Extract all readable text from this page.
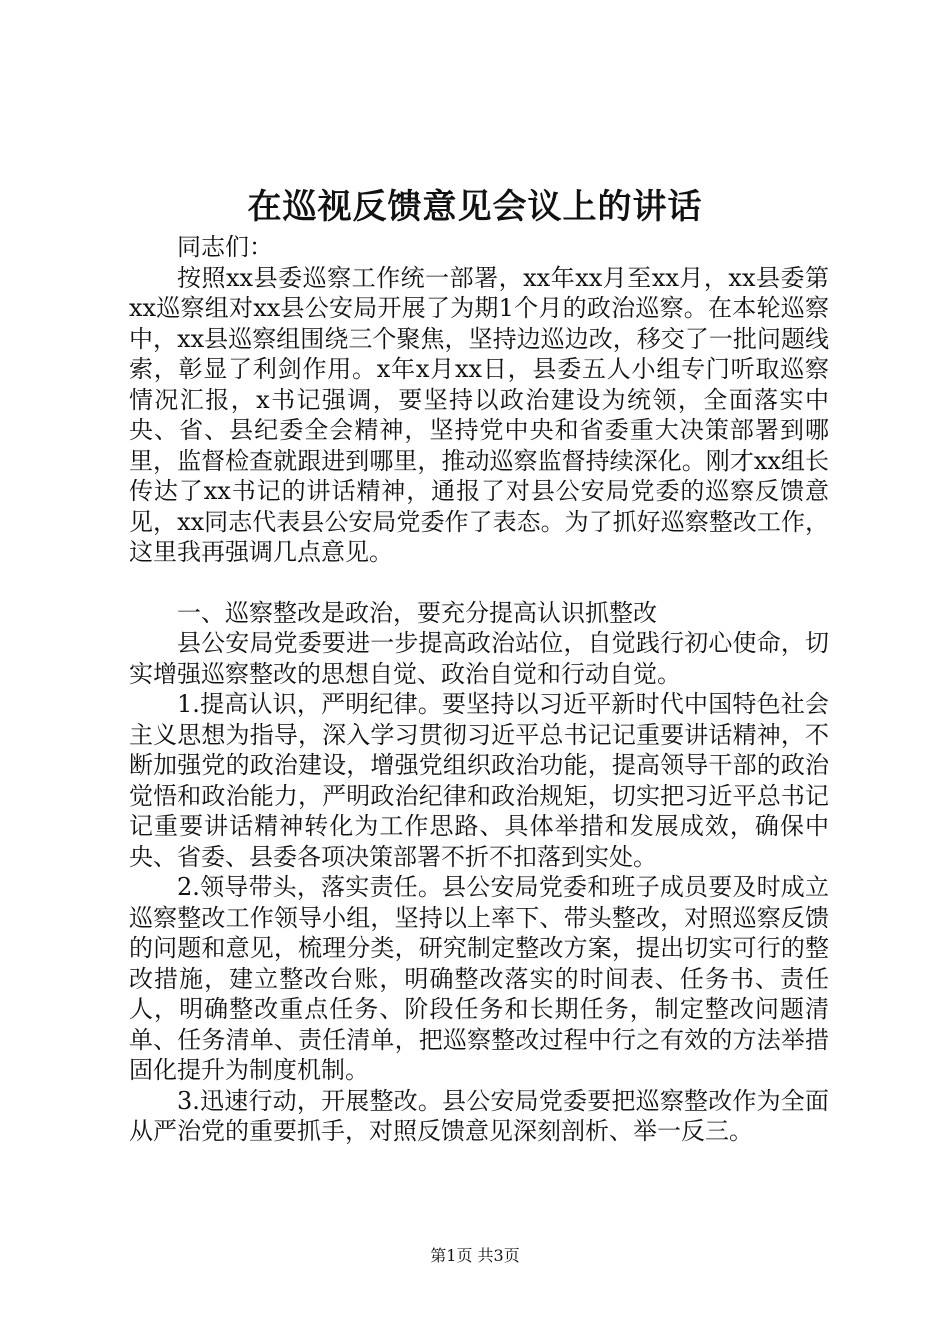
在巡视反馈意见会议上的讲话

同志们：

按照xx县委巡察工作统一部署，xx年xx月至xx月，xx县委第xx巡察组对xx县公安局开展了为期1个月的政治巡察。在本轮巡察中，xx县巡察组围绕三个聚焦，坚持边巡边改，移交了一批问题线索，彰显了利剑作用。x年x月xx日，县委五人小组专门听取巡察情况汇报，x书记强调，要坚持以政治建设为统领，全面落实中央、省、县纪委全会精神，坚持党中央和省委重大决策部署到哪里，监督检查就跟进到哪里，推动巡察监督持续深化。刚才xx组长传达了xx书记的讲话精神，通报了对县公安局党委的巡察反馈意见，xx同志代表县公安局党委作了表态。为了抓好巡察整改工作，这里我再强调几点意见。

一、巡察整改是政治，要充分提高认识抓整改

县公安局党委要进一步提高政治站位，自觉践行初心使命，切实增强巡察整改的思想自觉、政治自觉和行动自觉。

1.提高认识，严明纪律。要坚持以习近平新时代中国特色社会主义思想为指导，深入学习贯彻习近平总书记记重要讲话精神，不断加强党的政治建设，增强党组织政治功能，提高领导干部的政治觉悟和政治能力，严明政治纪律和政治规矩，切实把习近平总书记记重要讲话精神转化为工作思路、具体举措和发展成效，确保中央、省委、县委各项决策部署不折不扣落到实处。

2.领导带头，落实责任。县公安局党委和班子成员要及时成立巡察整改工作领导小组，坚持以上率下、带头整改，对照巡察反馈的问题和意见，梳理分类，研究制定整改方案，提出切实可行的整改措施，建立整改台账，明确整改落实的时间表、任务书、责任人，明确整改重点任务、阶段任务和长期任务，制定整改问题清单、任务清单、责任清单，把巡察整改过程中行之有效的方法举措固化提升为制度机制。

3.迅速行动，开展整改。县公安局党委要把巡察整改作为全面从严治党的重要抓手，对照反馈意见深刻剖析、举一反三。

第1页 共3页
